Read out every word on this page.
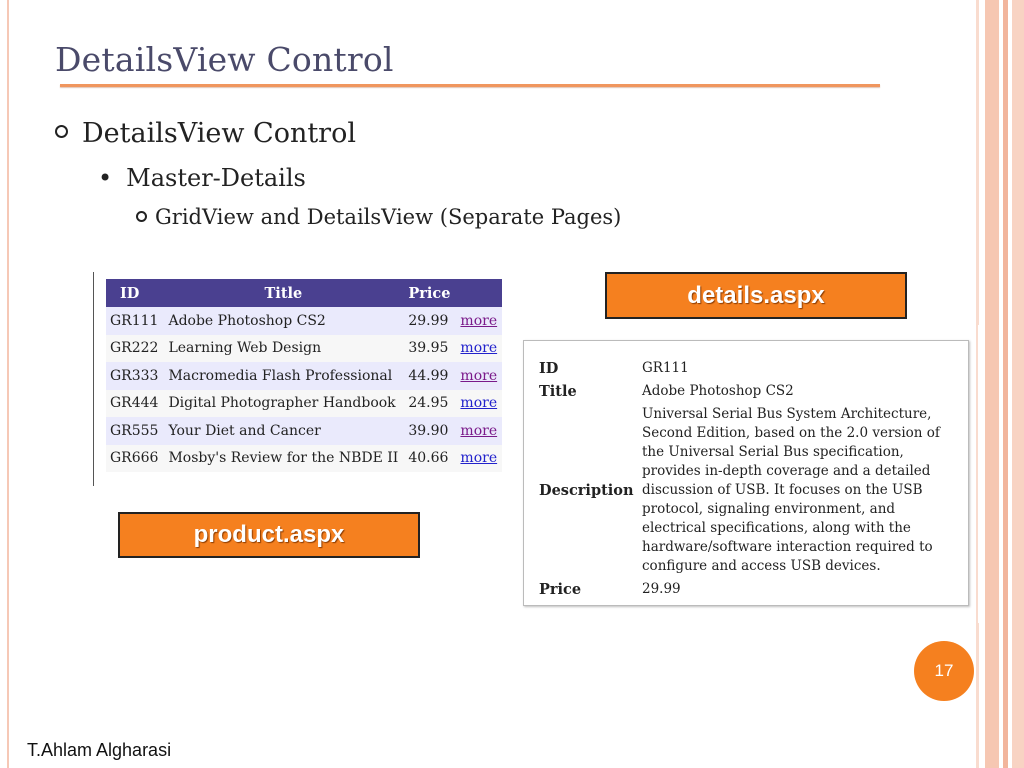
DetailsView Control
DetailsView Control
• Master-Details
GridView and DetailsView (Separate Pages)
ID	Title	Price	
GR111	Adobe Photoshop CS2	29.99	more
GR222	Learning Web Design	39.95	more
GR333	Macromedia Flash Professional	44.99	more
GR444	Digital Photographer Handbook	24.95	more
GR555	Your Diet and Cancer	39.90	more
GR666	Mosby's Review for the NBDE II	40.66	more
details.aspx
product.aspx
ID	GR111
Title	Adobe Photoshop CS2
Description	Universal Serial Bus System Architecture, Second Edition, based on the 2.0 version of the Universal Serial Bus specification, provides in-depth coverage and a detailed discussion of USB. It focuses on the USB protocol, signaling environment, and electrical specifications, along with the hardware/software interaction required to configure and access USB devices.
Price	29.99
17
T.Ahlam Algharasi
